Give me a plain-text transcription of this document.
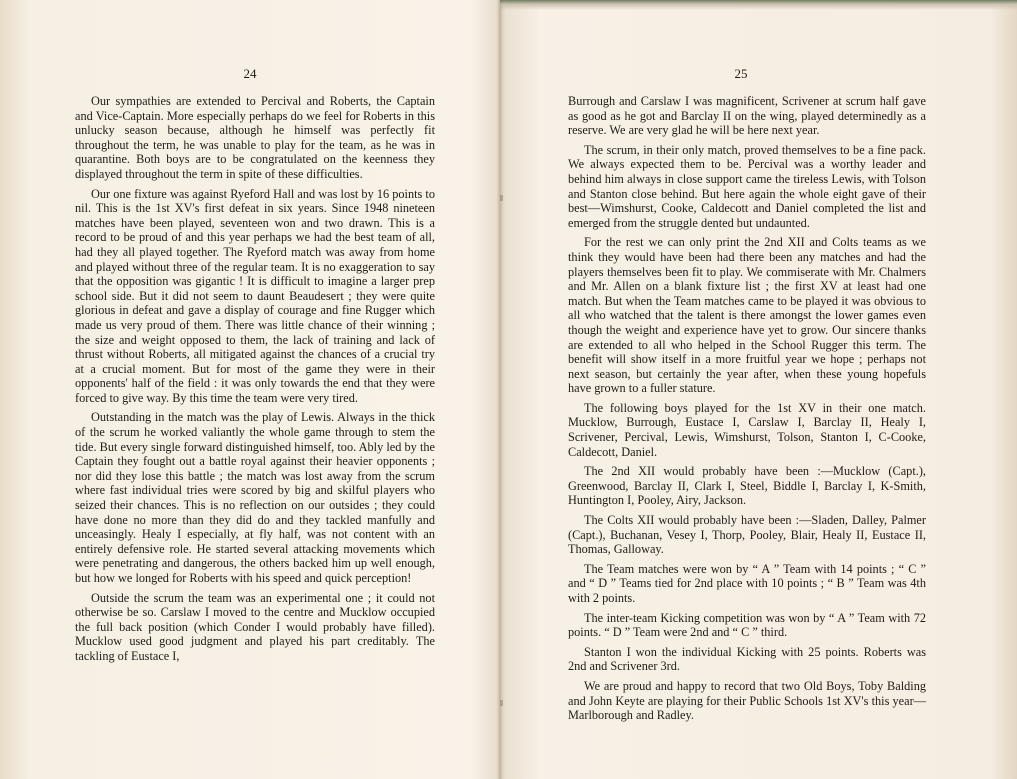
24

Our sympathies are extended to Percival and Roberts, the Captain and Vice-Captain. More especially perhaps do we feel for Roberts in this unlucky season because, although he himself was perfectly fit throughout the term, he was unable to play for the team, as he was in quarantine. Both boys are to be congratulated on the keenness they displayed throughout the term in spite of these difficulties.

Our one fixture was against Ryeford Hall and was lost by 16 points to nil. This is the 1st XV's first defeat in six years. Since 1948 nineteen matches have been played, seventeen won and two drawn. This is a record to be proud of and this year perhaps we had the best team of all, had they all played together. The Ryeford match was away from home and played without three of the regular team. It is no exaggeration to say that the opposition was gigantic ! It is difficult to imagine a larger prep school side. But it did not seem to daunt Beaudesert ; they were quite glorious in defeat and gave a display of courage and fine Rugger which made us very proud of them. There was little chance of their winning ; the size and weight opposed to them, the lack of training and lack of thrust without Roberts, all mitigated against the chances of a crucial try at a crucial moment. But for most of the game they were in their opponents' half of the field : it was only towards the end that they were forced to give way. By this time the team were very tired.

Outstanding in the match was the play of Lewis. Always in the thick of the scrum he worked valiantly the whole game through to stem the tide. But every single forward distinguished himself, too. Ably led by the Captain they fought out a battle royal against their heavier opponents ; nor did they lose this battle ; the match was lost away from the scrum where fast individual tries were scored by big and skilful players who seized their chances. This is no reflection on our outsides ; they could have done no more than they did do and they tackled manfully and unceasingly. Healy I especially, at fly half, was not content with an entirely defensive role. He started several attacking movements which were penetrating and dangerous, the others backed him up well enough, but how we longed for Roberts with his speed and quick perception!

Outside the scrum the team was an experimental one ; it could not otherwise be so. Carslaw I moved to the centre and Mucklow occupied the full back position (which Conder I would probably have filled). Mucklow used good judgment and played his part creditably. The tackling of Eustace I,

25

Burrough and Carslaw I was magnificent, Scrivener at scrum half gave as good as he got and Barclay II on the wing, played determinedly as a reserve. We are very glad he will be here next year.

The scrum, in their only match, proved themselves to be a fine pack. We always expected them to be. Percival was a worthy leader and behind him always in close support came the tireless Lewis, with Tolson and Stanton close behind. But here again the whole eight gave of their best—Wimshurst, Cooke, Caldecott and Daniel completed the list and emerged from the struggle dented but undaunted.

For the rest we can only print the 2nd XII and Colts teams as we think they would have been had there been any matches and had the players themselves been fit to play. We commiserate with Mr. Chalmers and Mr. Allen on a blank fixture list ; the first XV at least had one match. But when the Team matches came to be played it was obvious to all who watched that the talent is there amongst the lower games even though the weight and experience have yet to grow. Our sincere thanks are extended to all who helped in the School Rugger this term. The benefit will show itself in a more fruitful year we hope ; perhaps not next season, but certainly the year after, when these young hopefuls have grown to a fuller stature.

The following boys played for the 1st XV in their one match. Mucklow, Burrough, Eustace I, Carslaw I, Barclay II, Healy I, Scrivener, Percival, Lewis, Wimshurst, Tolson, Stanton I, C-Cooke, Caldecott, Daniel.

The 2nd XII would probably have been :—Mucklow (Capt.), Greenwood, Barclay II, Clark I, Steel, Biddle I, Barclay I, K-Smith, Huntington I, Pooley, Airy, Jackson.

The Colts XII would probably have been :—Sladen, Dalley, Palmer (Capt.), Buchanan, Vesey I, Thorp, Pooley, Blair, Healy II, Eustace II, Thomas, Galloway.

The Team matches were won by “ A ” Team with 14 points ; “ C ” and “ D ” Teams tied for 2nd place with 10 points ; “ B ” Team was 4th with 2 points.

The inter-team Kicking competition was won by “ A ” Team with 72 points. “ D ” Team were 2nd and “ C ” third.

Stanton I won the individual Kicking with 25 points. Roberts was 2nd and Scrivener 3rd.

We are proud and happy to record that two Old Boys, Toby Balding and John Keyte are playing for their Public Schools 1st XV's this year—Marlborough and Radley.
